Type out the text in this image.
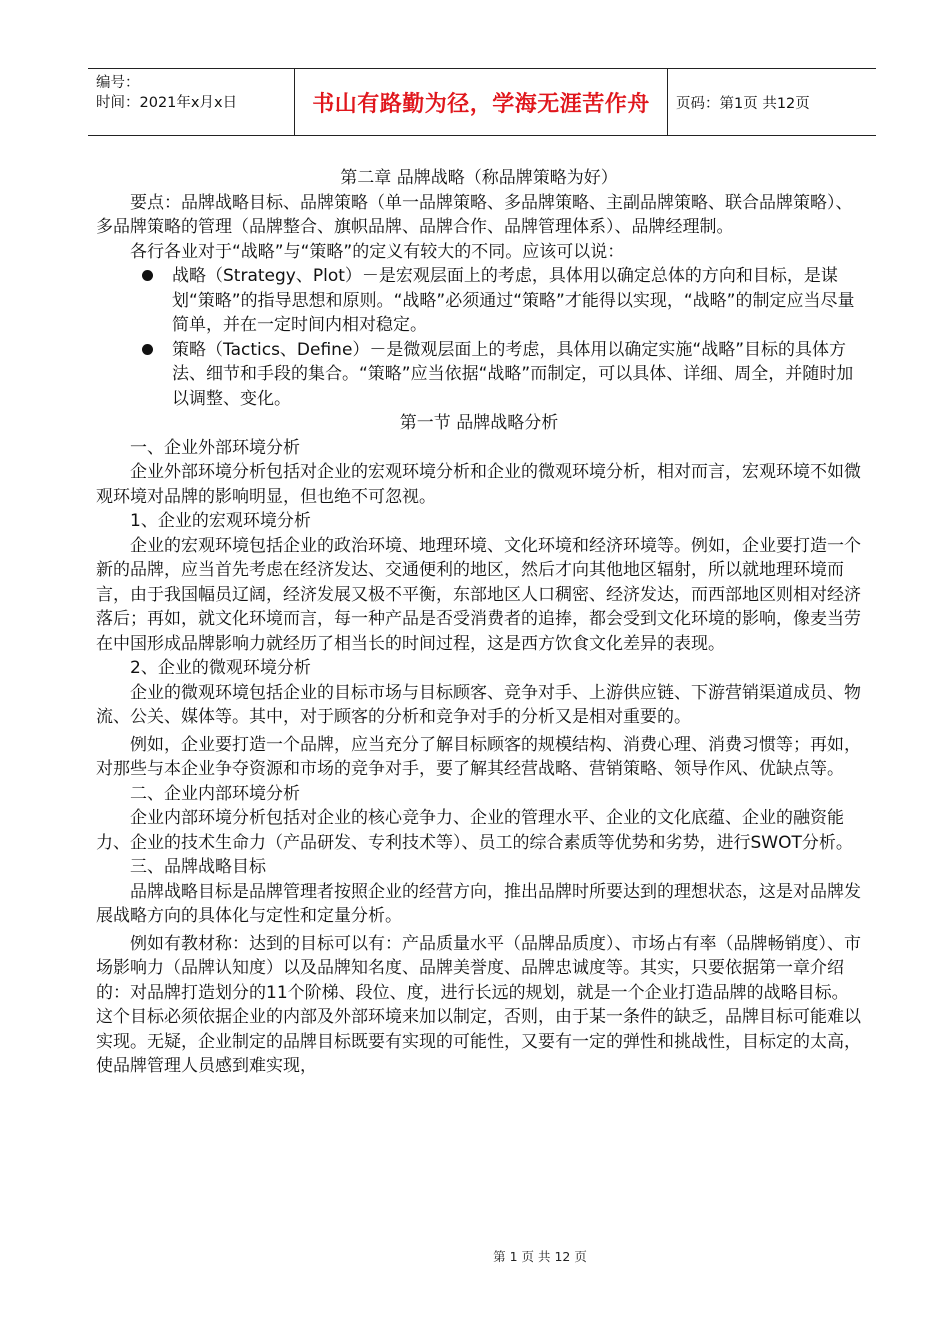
编号：
时间：2021年x月x日	书山有路勤为径，学海无涯苦作舟 页码：第1页 共12页

第二章 品牌战略（称品牌策略为好）

要点：品牌战略目标、品牌策略（单一品牌策略、多品牌策略、主副品牌策略、联合品牌策略）、多品牌策略的管理（品牌整合、旗帜品牌、品牌合作、品牌管理体系）、品牌经理制。

各行各业对于“战略”与“策略”的定义有较大的不同。应该可以说：

战略（Strategy、Plot）－是宏观层面上的考虑，具体用以确定总体的方向和目标，是谋划“策略”的指导思想和原则。“战略”必须通过“策略”才能得以实现，“战略”的制定应当尽量简单，并在一定时间内相对稳定。

策略（Tactics、Define）－是微观层面上的考虑，具体用以确定实施“战略”目标的具体方法、细节和手段的集合。“策略”应当依据“战略”而制定，可以具体、详细、周全，并随时加以调整、变化。

第一节 品牌战略分析

一、企业外部环境分析

企业外部环境分析包括对企业的宏观环境分析和企业的微观环境分析，相对而言，宏观环境不如微观环境对品牌的影响明显，但也绝不可忽视。

1、企业的宏观环境分析

企业的宏观环境包括企业的政治环境、地理环境、文化环境和经济环境等。例如，企业要打造一个新的品牌，应当首先考虑在经济发达、交通便利的地区，然后才向其他地区辐射，所以就地理环境而言，由于我国幅员辽阔，经济发展又极不平衡，东部地区人口稠密、经济发达，而西部地区则相对经济落后；再如，就文化环境而言，每一种产品是否受消费者的追捧，都会受到文化环境的影响，像麦当劳在中国形成品牌影响力就经历了相当长的时间过程，这是西方饮食文化差异的表现。

2、企业的微观环境分析

企业的微观环境包括企业的目标市场与目标顾客、竞争对手、上游供应链、下游营销渠道成员、物流、公关、媒体等。其中，对于顾客的分析和竞争对手的分析又是相对重要的。

例如，企业要打造一个品牌，应当充分了解目标顾客的规模结构、消费心理、消费习惯等；再如，对那些与本企业争夺资源和市场的竞争对手，要了解其经营战略、营销策略、领导作风、优缺点等。

二、企业内部环境分析

企业内部环境分析包括对企业的核心竞争力、企业的管理水平、企业的文化底蕴、企业的融资能力、企业的技术生命力（产品研发、专利技术等）、员工的综合素质等优势和劣势，进行SWOT分析。

三、品牌战略目标

品牌战略目标是品牌管理者按照企业的经营方向，推出品牌时所要达到的理想状态，这是对品牌发展战略方向的具体化与定性和定量分析。

例如有教材称：达到的目标可以有：产品质量水平（品牌品质度）、市场占有率（品牌畅销度）、市场影响力（品牌认知度）以及品牌知名度、品牌美誉度、品牌忠诚度等。其实，只要依据第一章介绍的：对品牌打造划分的11个阶梯、段位、度，进行长远的规划，就是一个企业打造品牌的战略目标。这个目标必须依据企业的内部及外部环境来加以制定，否则，由于某一条件的缺乏，品牌目标可能难以实现。无疑，企业制定的品牌目标既要有实现的可能性，又要有一定的弹性和挑战性，目标定的太高，使品牌管理人员感到难实现，

第 1 页 共 12 页
